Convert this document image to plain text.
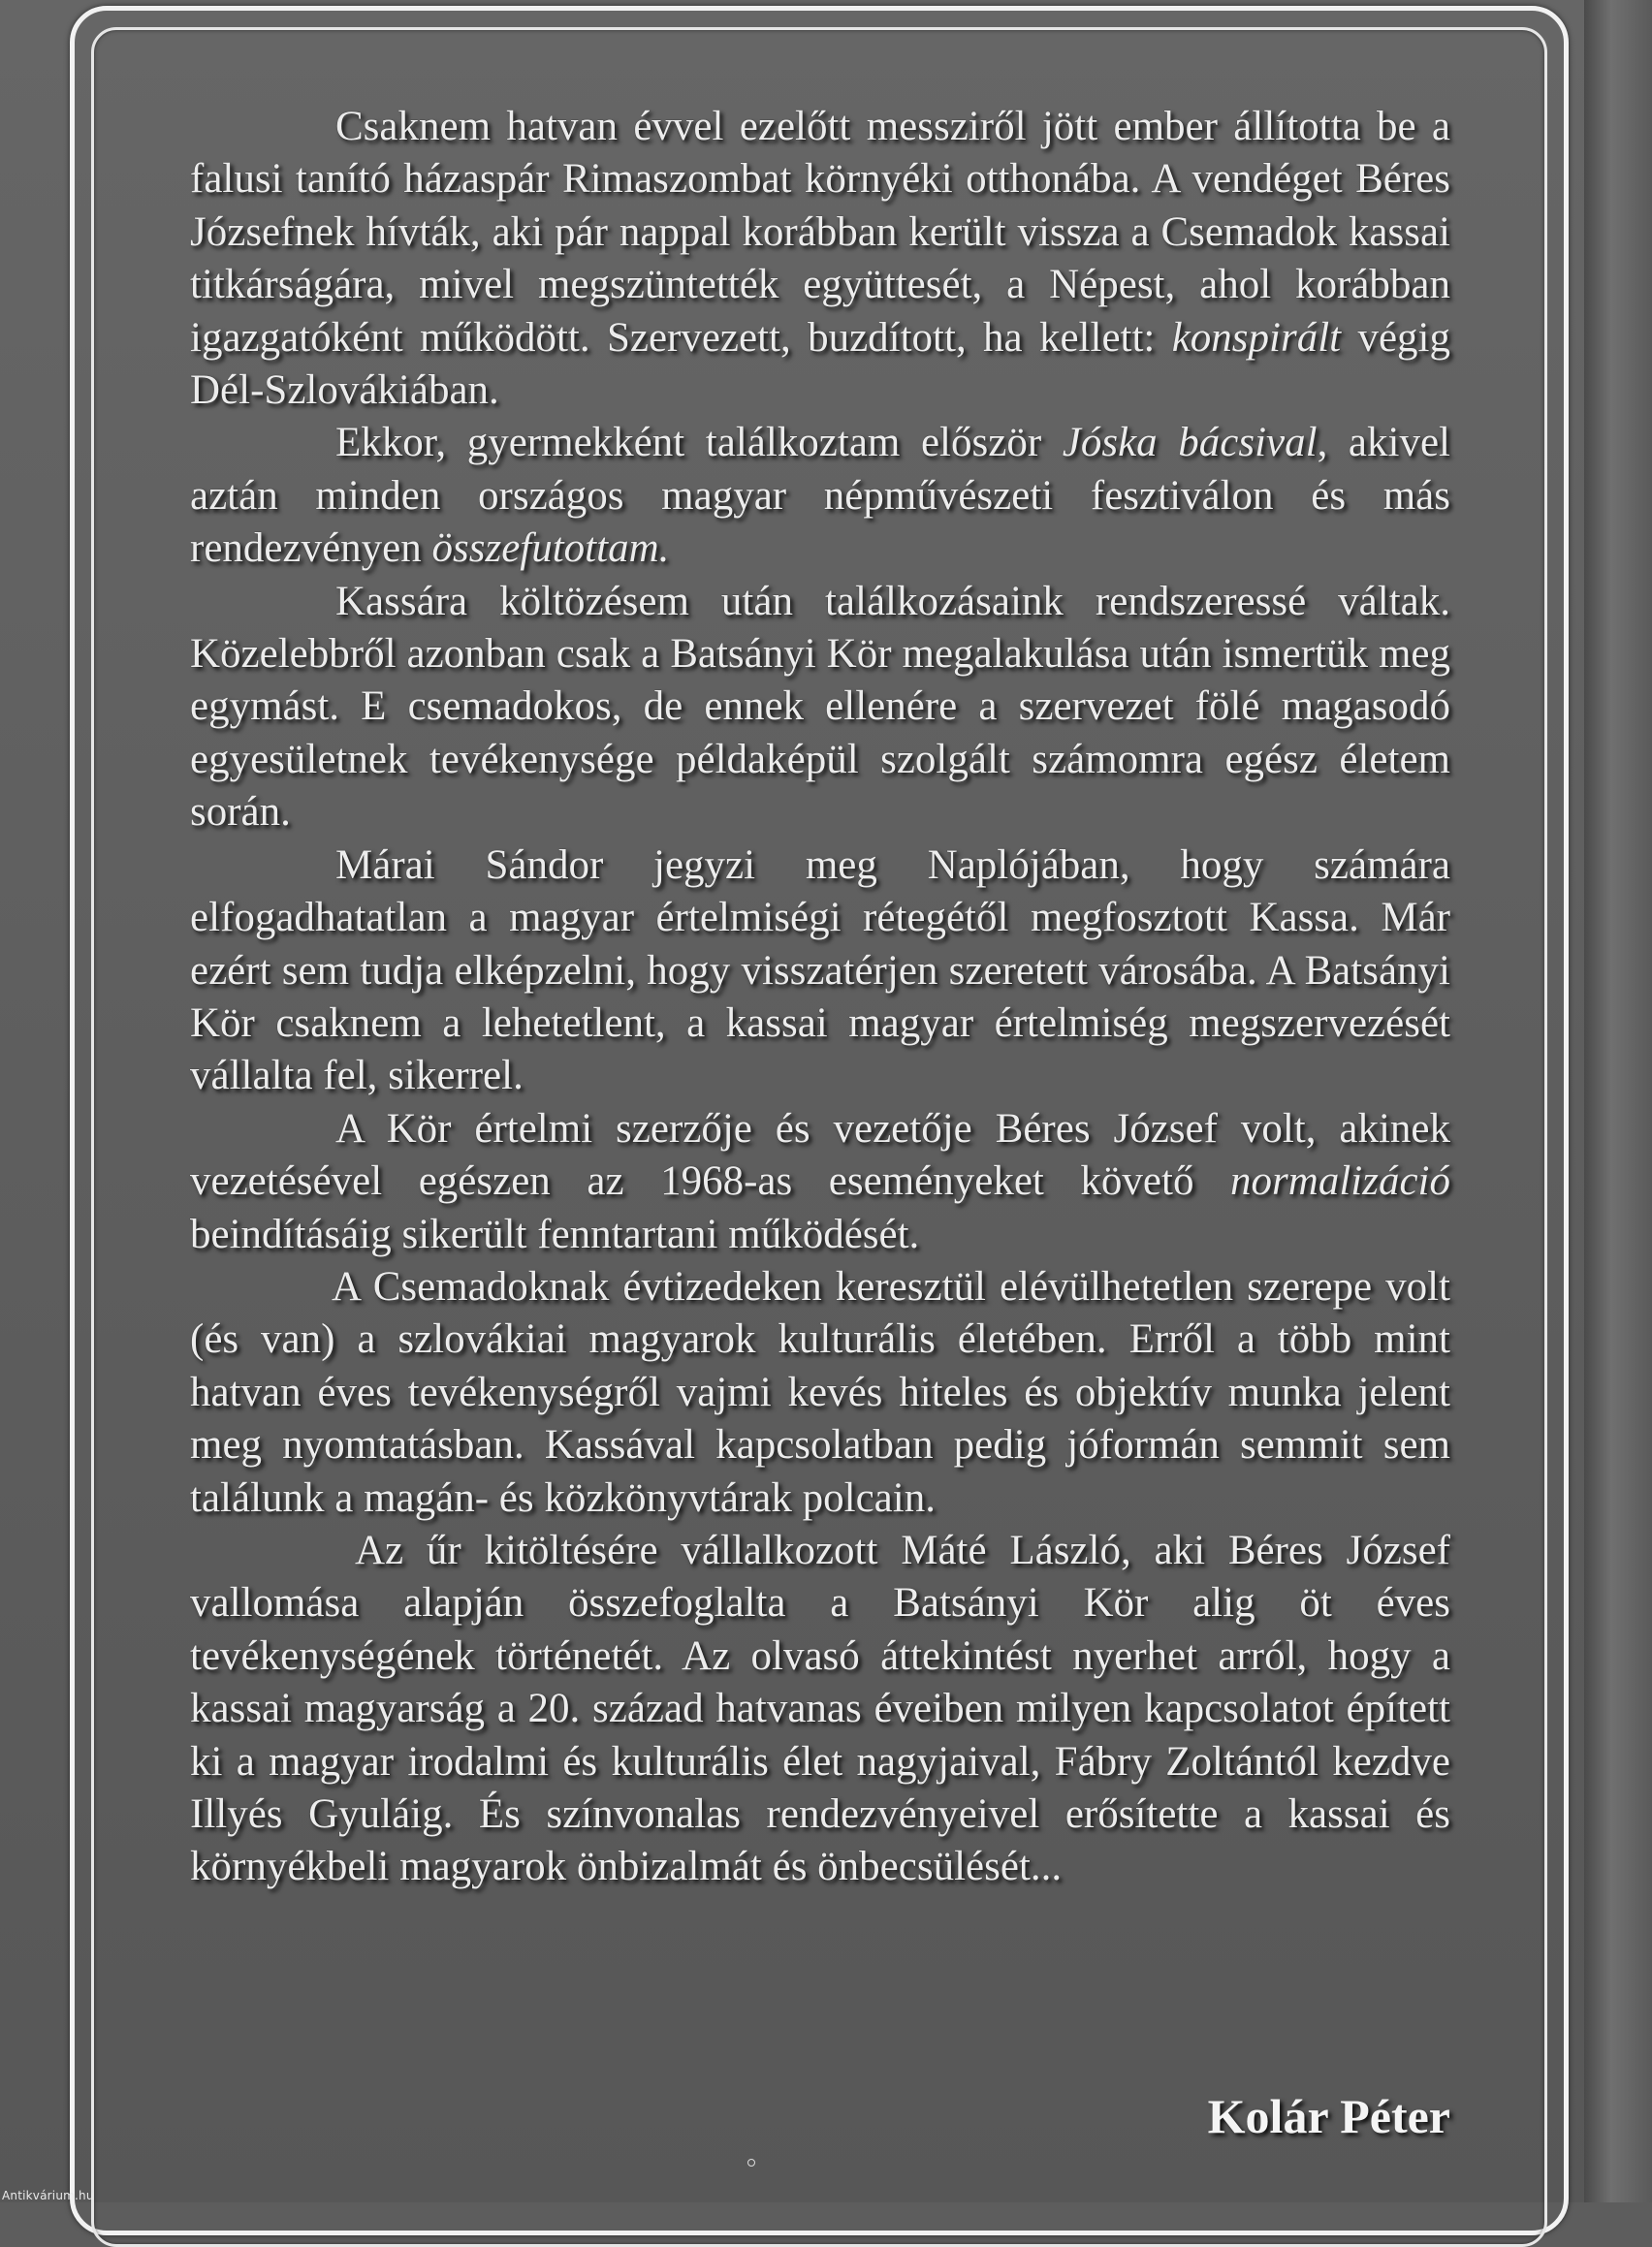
Csaknem hatvan évvel ezelőtt messziről jött ember állította be a falusi tanító házaspár Rimaszombat környéki otthonába. A vendéget Béres Józsefnek hívták, aki pár nappal korábban került vissza a Csemadok kassai titkárságára, mivel megszüntették együttesét, a Népest, ahol korábban igazgatóként működött. Szervezett, buzdított, ha kellett: konspirált végig Dél-Szlovákiában.

Ekkor, gyermekként találkoztam először Jóska bácsival, akivel aztán minden országos magyar népművészeti fesztiválon és más rendezvényen összefutottam.

Kassára költözésem után találkozásaink rendszeressé váltak. Közelebbről azonban csak a Batsányi Kör megalakulása után ismertük meg egymást. E csemadokos, de ennek ellenére a szervezet fölé magasodó egyesületnek tevékenysége példaképül szolgált számomra egész életem során.

Márai Sándor jegyzi meg Naplójában, hogy számára elfogadhatatlan a magyar értelmiségi rétegétől megfosztott Kassa. Már ezért sem tudja elképzelni, hogy visszatérjen szeretett városába. A Batsányi Kör csaknem a lehetetlent, a kassai magyar értelmiség megszervezését vállalta fel, sikerrel.

A Kör értelmi szerzője és vezetője Béres József volt, akinek vezetésével egészen az 1968-as eseményeket követő normalizáció beindításáig sikerült fenntartani működését.

A Csemadoknak évtizedeken keresztül elévülhetetlen szerepe volt (és van) a szlovákiai magyarok kulturális életében. Erről a több mint hatvan éves tevékenységről vajmi kevés hiteles és objektív munka jelent meg nyomtatásban. Kassával kapcsolatban pedig jóformán semmit sem találunk a magán- és közkönyvtárak polcain.

Az űr kitöltésére vállalkozott Máté László, aki Béres József vallomása alapján összefoglalta a Batsányi Kör alig öt éves tevékenységének történetét. Az olvasó áttekintést nyerhet arról, hogy a kassai magyarság a 20. század hatvanas éveiben milyen kapcsolatot épített ki a magyar irodalmi és kulturális élet nagyjaival, Fábry Zoltántól kezdve Illyés Gyuláig. És színvonalas rendezvényeivel erősítette a kassai és környékbeli magyarok önbizalmát és önbecsülését...

Kolár Péter
Antikvárium.hu
